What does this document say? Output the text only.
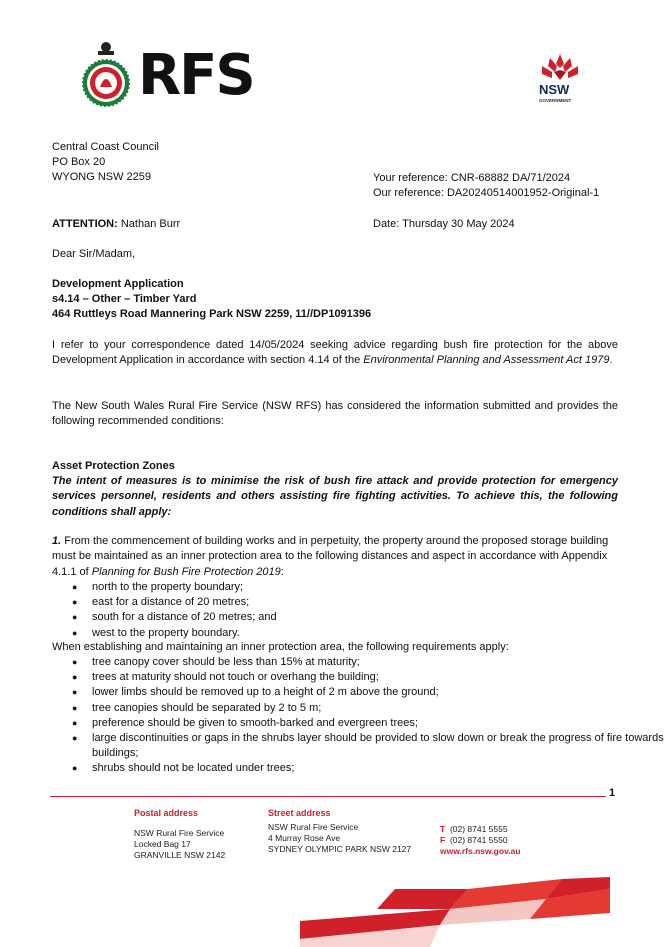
RFS	NSW
GOVERNMENT
Central Coast Council
PO Box 20
WYONG NSW 2259	Your reference: CNR-68882 DA/71/2024
Our reference: DA20240514001952-Original-1
ATTENTION: Nathan Burr	Date: Thursday 30 May 2024
Dear Sir/Madam,
Development Application
s4.14 – Other – Timber Yard
464 Ruttleys Road Mannering Park NSW 2259, 11//DP1091396
I refer to your correspondence dated 14/05/2024 seeking advice regarding bush fire protection for the above Development Application in accordance with section 4.14 of the Environmental Planning and Assessment Act 1979.
The New South Wales Rural Fire Service (NSW RFS) has considered the information submitted and provides the following recommended conditions:
Asset Protection Zones
The intent of measures is to minimise the risk of bush fire attack and provide protection for emergency services personnel, residents and others assisting fire fighting activities. To achieve this, the following conditions shall apply:
1. From the commencement of building works and in perpetuity, the property around the proposed storage building must be maintained as an inner protection area to the following distances and aspect in accordance with Appendix 4.1.1 of Planning for Bush Fire Protection 2019:
● north to the property boundary;
● east for a distance of 20 metres;
● south for a distance of 20 metres; and
● west to the property boundary.
When establishing and maintaining an inner protection area, the following requirements apply:
● tree canopy cover should be less than 15% at maturity;
● trees at maturity should not touch or overhang the building;
● lower limbs should be removed up to a height of 2 m above the ground;
● tree canopies should be separated by 2 to 5 m;
● preference should be given to smooth-barked and evergreen trees;
● large discontinuities or gaps in the shrubs layer should be provided to slow down or break the progress of fire towards buildings;
● shrubs should not be located under trees;
1
Postal address
NSW Rural Fire Service
Locked Bag 17
GRANVILLE NSW 2142
Street address
NSW Rural Fire Service
4 Murray Rose Ave
SYDNEY OLYMPIC PARK NSW 2127
T (02) 8741 5555
F (02) 8741 5550
www.rfs.nsw.gov.au
